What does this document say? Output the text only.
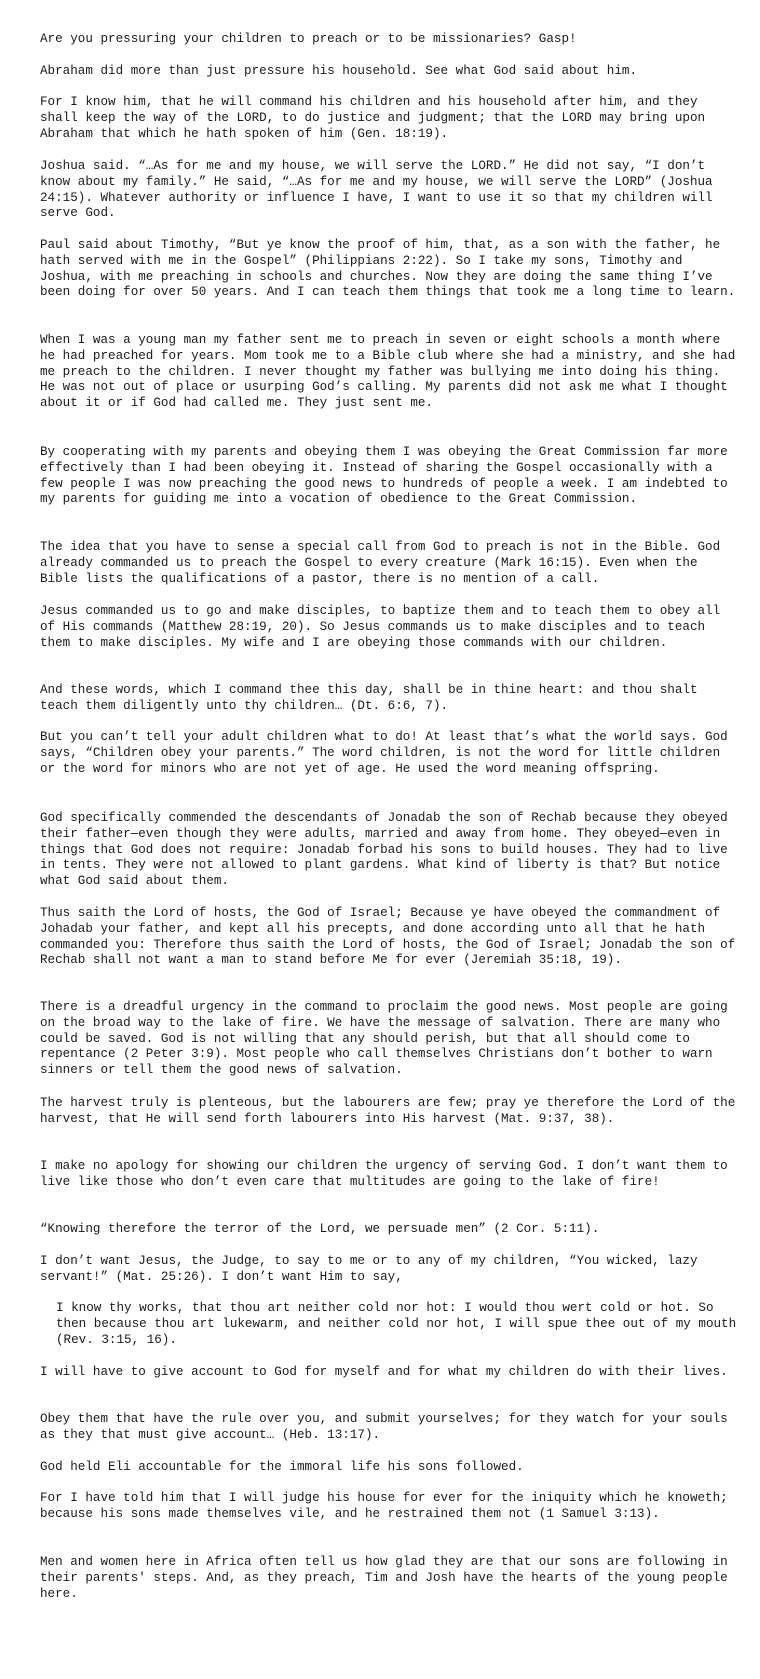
Are you pressuring your children to preach or to be missionaries? Gasp!

Abraham did more than just pressure his household. See what God said about him.

For I know him, that he will command his children and his household after him, and they shall keep the way of the LORD, to do justice and judgment; that the LORD may bring upon Abraham that which he hath spoken of him (Gen. 18:19).

Joshua said. “…As for me and my house, we will serve the LORD.” He did not say, “I don’t know about my family.” He said, “…As for me and my house, we will serve the LORD” (Joshua 24:15). Whatever authority or influence I have, I want to use it so that my children will serve God.

Paul said about Timothy, “But ye know the proof of him, that, as a son with the father, he hath served with me in the Gospel” (Philippians 2:22). So I take my sons, Timothy and Joshua, with me preaching in schools and churches. Now they are doing the same thing I’ve been doing for over 50 years. And I can teach them things that took me a long time to learn.

When I was a young man my father sent me to preach in seven or eight schools a month where he had preached for years. Mom took me to a Bible club where she had a ministry, and she had me preach to the children. I never thought my father was bullying me into doing his thing. He was not out of place or usurping God’s calling. My parents did not ask me what I thought about it or if God had called me. They just sent me.

By cooperating with my parents and obeying them I was obeying the Great Commission far more effectively than I had been obeying it. Instead of sharing the Gospel occasionally with a few people I was now preaching the good news to hundreds of people a week. I am indebted to my parents for guiding me into a vocation of obedience to the Great Commission.

The idea that you have to sense a special call from God to preach is not in the Bible. God already commanded us to preach the Gospel to every creature (Mark 16:15). Even when the Bible lists the qualifications of a pastor, there is no mention of a call.

Jesus commanded us to go and make disciples, to baptize them and to teach them to obey all of His commands (Matthew 28:19, 20). So Jesus commands us to make disciples and to teach them to make disciples. My wife and I are obeying those commands with our children.

And these words, which I command thee this day, shall be in thine heart: and thou shalt teach them diligently unto thy children… (Dt. 6:6, 7).

But you can’t tell your adult children what to do! At least that’s what the world says. God says, “Children obey your parents.” The word children, is not the word for little children or the word for minors who are not yet of age. He used the word meaning offspring.

God specifically commended the descendants of Jonadab the son of Rechab because they obeyed their father—even though they were adults, married and away from home. They obeyed—even in things that God does not require: Jonadab forbad his sons to build houses. They had to live in tents. They were not allowed to plant gardens. What kind of liberty is that? But notice what God said about them.

Thus saith the Lord of hosts, the God of Israel; Because ye have obeyed the commandment of Johadab your father, and kept all his precepts, and done according unto all that he hath commanded you: Therefore thus saith the Lord of hosts, the God of Israel; Jonadab the son of Rechab shall not want a man to stand before Me for ever (Jeremiah 35:18, 19).

There is a dreadful urgency in the command to proclaim the good news. Most people are going on the broad way to the lake of fire. We have the message of salvation. There are many who could be saved. God is not willing that any should perish, but that all should come to repentance (2 Peter 3:9). Most people who call themselves Christians don’t bother to warn sinners or tell them the good news of salvation.

The harvest truly is plenteous, but the labourers are few; pray ye therefore the Lord of the harvest, that He will send forth labourers into His harvest (Mat. 9:37, 38).

I make no apology for showing our children the urgency of serving God. I don’t want them to live like those who don’t even care that multitudes are going to the lake of fire!

“Knowing therefore the terror of the Lord, we persuade men” (2 Cor. 5:11).

I don’t want Jesus, the Judge, to say to me or to any of my children, “You wicked, lazy servant!” (Mat. 25:26). I don’t want Him to say,

I know thy works, that thou art neither cold nor hot: I would thou wert cold or hot. So then because thou art lukewarm, and neither cold nor hot, I will spue thee out of my mouth (Rev. 3:15, 16).

I will have to give account to God for myself and for what my children do with their lives.

Obey them that have the rule over you, and submit yourselves; for they watch for your souls as they that must give account… (Heb. 13:17).

God held Eli accountable for the immoral life his sons followed.

For I have told him that I will judge his house for ever for the iniquity which he knoweth; because his sons made themselves vile, and he restrained them not (1 Samuel 3:13).

Men and women here in Africa often tell us how glad they are that our sons are following in their parents' steps. And, as they preach, Tim and Josh have the hearts of the young people here.
